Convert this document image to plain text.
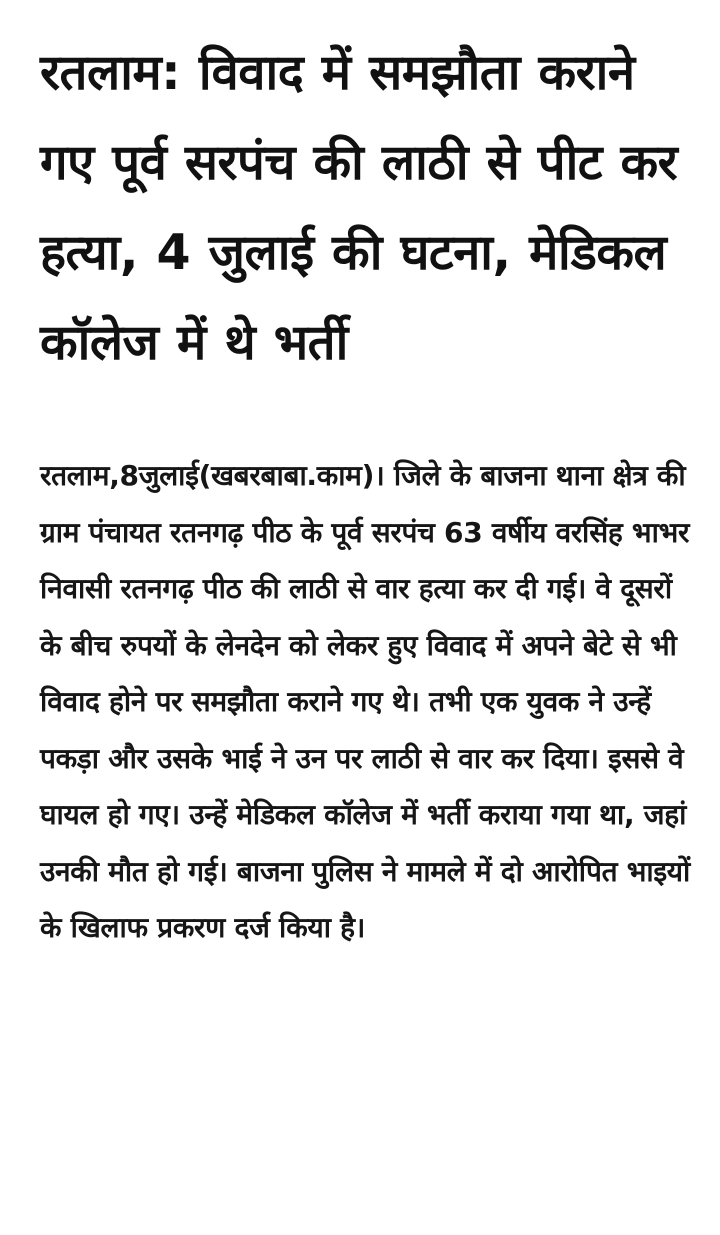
रतलाम: विवाद में समझौता कराने गए पूर्व सरपंच की लाठी से पीट कर हत्या, 4 जुलाई की घटना, मेडिकल कॉलेज में थे भर्ती

रतलाम,8जुलाई(खबरबाबा.काम)। जिले के बाजना थाना क्षेत्र की ग्राम पंचायत रतनगढ़ पीठ के पूर्व सरपंच 63 वर्षीय वरसिंह भाभर निवासी रतनगढ़ पीठ की लाठी से वार हत्या कर दी गई। वे दूसरों के बीच रुपयों के लेनदेन को लेकर हुए विवाद में अपने बेटे से भी विवाद होने पर समझौता कराने गए थे। तभी एक युवक ने उन्हें पकड़ा और उसके भाई ने उन पर लाठी से वार कर दिया। इससे वे घायल हो गए। उन्हें मेडिकल कॉलेज में भर्ती कराया गया था, जहां उनकी मौत हो गई। बाजना पुलिस ने मामले में दो आरोपित भाइयों के खिलाफ प्रकरण दर्ज किया है।
